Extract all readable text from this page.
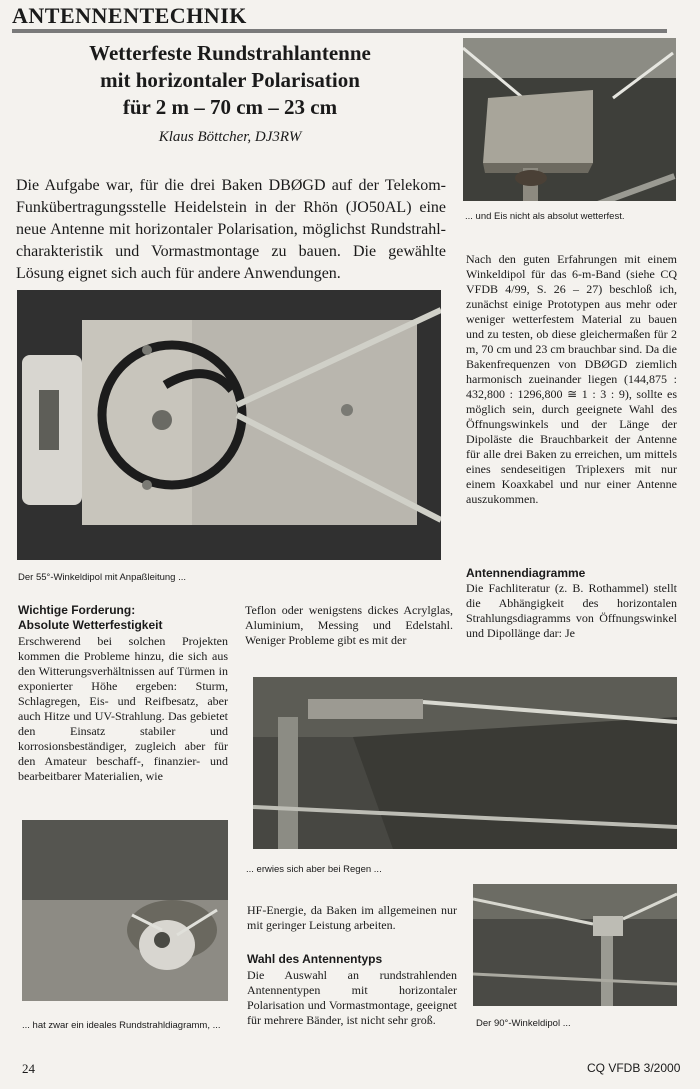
ANTENNENTECHNIK
Wetterfeste Rundstrahlantenne
mit horizontaler Polarisation
für 2 m – 70 cm – 23 cm
Klaus Böttcher, DJ3RW
Die Aufgabe war, für die drei Baken DBØGD auf der Telekom-Funkübertragungsstelle Heidelstein in der Rhön (JO50AL) eine neue Antenne mit horizontaler Polarisation, möglichst Rundstrahl-charakteristik und Vormastmontage zu bauen. Die gewählte Lösung eignet sich auch für andere Anwendungen.
... und Eis nicht als absolut wetterfest.
Nach den guten Erfahrungen mit einem Winkeldipol für das 6-m-Band (siehe CQ VFDB 4/99, S. 26 – 27) beschloß ich, zunächst einige Prototypen aus mehr oder weniger wetterfestem Material zu bauen und zu testen, ob diese gleichermaßen für 2 m, 70 cm und 23 cm brauchbar sind. Da die Bakenfrequenzen von DBØGD ziemlich harmonisch zueinander liegen (144,875 : 432,800 : 1296,800 ≅ 1 : 3 : 9), sollte es möglich sein, durch geeignete Wahl des Öffnungswinkels und der Länge der Dipoläste die Brauchbarkeit der Antenne für alle drei Baken zu erreichen, um mittels eines sendeseitigen Triplexers mit nur einem Koaxkabel und nur einer Antenne auszukommen.
Antennendiagramme
Die Fachliteratur (z. B. Rothammel) stellt die Abhängigkeit des horizontalen Strahlungsdiagramms von Öffnungswinkel und Dipollänge dar: Je
Der 55°-Winkeldipol mit Anpaßleitung ...
Wichtige Forderung:
Absolute Wetterfestigkeit
Erschwerend bei solchen Projekten kommen die Probleme hinzu, die sich aus den Witterungsverhältnissen auf Türmen in exponierter Höhe ergeben: Sturm, Schlagregen, Eis- und Reifbesatz, aber auch Hitze und UV-Strahlung. Das gebietet den Einsatz stabiler und korrosionsbeständiger, zugleich aber für den Amateur beschaff-, finanzier- und bearbeitbarer Materialien, wie
Teflon oder wenigstens dickes Acrylglas, Aluminium, Messing und Edelstahl. Weniger Probleme gibt es mit der
... erwies sich aber bei Regen ...
... hat zwar ein ideales Rundstrahldiagramm, ...
HF-Energie, da Baken im allgemeinen nur mit geringer Leistung arbeiten.
Wahl des Antennentyps
Die Auswahl an rundstrahlenden Antennentypen mit horizontaler Polarisation und Vormastmontage, geeignet für mehrere Bänder, ist nicht sehr groß.	Der 90°-Winkeldipol ...
24	CQ VFDB 3/2000
